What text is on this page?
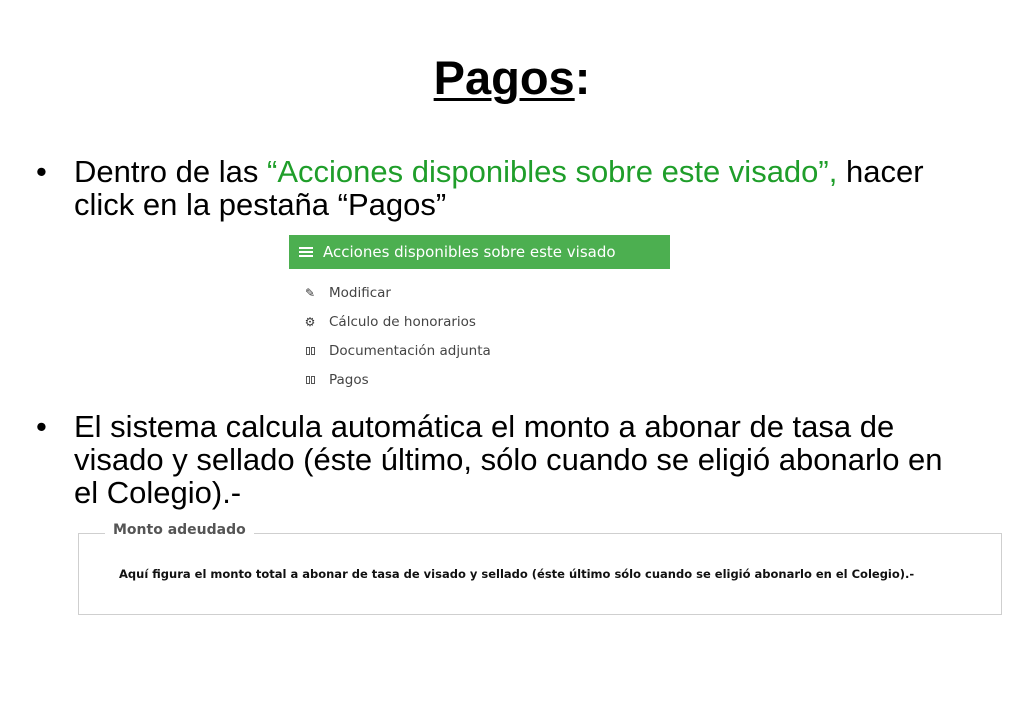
Pagos:
• Dentro de las “Acciones disponibles sobre este visado”, hacer click en la pestaña “Pagos”
Acciones disponibles sobre este visado
✎ Modificar
⚙ Cálculo de honorarios
Documentación adjunta
Pagos
• El sistema calcula automática el monto a abonar de tasa de visado y sellado (éste último, sólo cuando se eligió abonarlo en el Colegio).-
Monto adeudado
Aquí figura el monto total a abonar de tasa de visado y sellado (éste último sólo cuando se eligió abonarlo en el Colegio).-
